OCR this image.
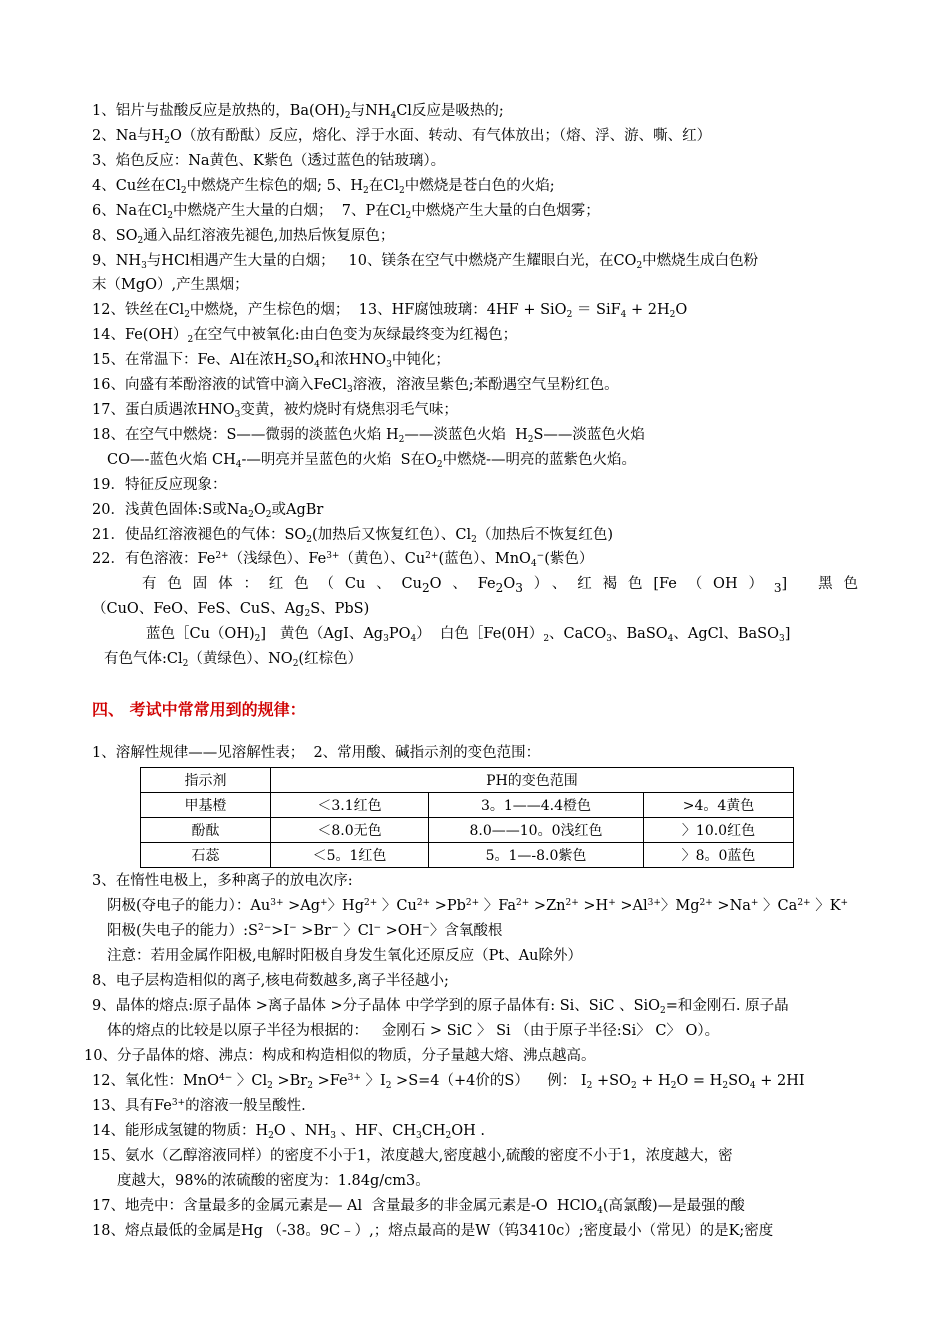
1、铝片与盐酸反应是放热的，$Ba(OH)_2$与$NH_4Cl$反应是吸热的;
2、Na与$H_2O$（放有酚酞）反应，熔化、浮于水面、转动、有气体放出；（熔、浮、游、嘶、红）
3、焰色反应：Na黄色、K紫色（透过蓝色的钴玻璃）。
4、Cu丝在$Cl_2$中燃烧产生棕色的烟; 5、$H_2$在$Cl_2$中燃烧是苍白色的火焰;
6、Na在$Cl_2$中燃烧产生大量的白烟；  7、P在$Cl_2$中燃烧产生大量的白色烟雾；
8、$SO_2$通入品红溶液先褪色,加热后恢复原色；
9、$NH_3$与HCl相遇产生大量的白烟；   10、镁条在空气中燃烧产生耀眼白光，在$CO_2$中燃烧生成白色粉
末（MgO）,产生黑烟；
12、铁丝在$Cl_2$中燃烧，产生棕色的烟；  13、HF腐蚀玻璃：$4HF + SiO_2 = SiF_4 + 2H_2O$
14、$Fe(OH)_2$在空气中被氧化:由白色变为灰绿最终变为红褐色；
15、在常温下：Fe、Al在浓$H_2SO_4$和浓$HNO_3$中钝化；
16、向盛有苯酚溶液的试管中滴入FeCl$_3$溶液，溶液呈紫色;苯酚遇空气呈粉红色。
17、蛋白质遇浓$HNO_3$变黄，被灼烧时有烧焦羽毛气味；
18、在空气中燃烧：S——微弱的淡蓝色火焰 $H_2——$淡蓝色火焰  $H_2S——$淡蓝色火焰
CO—-蓝色火焰 $CH_4-—$明亮并呈蓝色的火焰  S在$O_2$中燃烧-—明亮的蓝紫色火焰。
19．特征反应现象：
20．浅黄色固体:S或$Na_2O_2$或AgBr
21．使品红溶液褪色的气体：$SO_2$(加热后又恢复红色）、$Cl_2$（加热后不恢复红色)
22．有色溶液：$Fe^{2+}$（浅绿色）、$Fe^{3+}$（黄色）、$Cu^{2+}$(蓝色）、MnO$_4$−(紫色）
有色固体：红色（Cu、$Cu_2O$、$Fe_2O_3$）、红褐色$[Fe(OH)_3]$  黑色
（CuO、FeO、FeS、CuS、$Ag_2S$、PbS)
蓝色$[Cu(OH)_2$]   黄色（AgI、$Ag_3PO_4$）  白色$[Fe(0H)_2$、CaCO$_3$、BaSO$_4$、AgCl、BaSO$_3$]
有色气体$:Cl_2$（黄绿色）、$NO_2$(红棕色）
四、 考试中常常用到的规律：
1、溶解性规律——见溶解性表；  2、常用酸、碱指示剂的变色范围：
指示剂	PH的变色范围		
甲基橙	＜3.1红色	3。1——4.4橙色	>4。4黄色
酚酞	＜8.0无色	8.0——10。0浅红色	〉10.0红色
石蕊	＜5。1红色	5。1—-8.0紫色	〉8。0蓝色
3、在惰性电极上，多种离子的放电次序:
阴极(夺电子的能力）：$Au^{3+} >Ag^+$〉$Hg^{2+}$ 〉$Cu^{2+} >Pb^{2+}$ 〉$Fa^{2+} >Zn^{2+} >H^+ >Al^{3+}$〉$Mg^{2+} >Na^+$ 〉$Ca^{2+}$ 〉K+
阳极(失电子的能力）$:S^{2-}>I^- >Br^-$ 〉Cl− >OH−〉含氧酸根
注意：若用金属作阳极,电解时阳极自身发生氧化还原反应（Pt、Au除外）
8、电子层构造相似的离子,核电荷数越多,离子半径越小;
9、晶体的熔点:原子晶体 >离子晶体 >分子晶体 中学学到的原子晶体有: Si、SiC 、SiO$_2$=和金刚石. 原子晶
体的熔点的比较是以原子半径为根据的：   金刚石 > SiC 〉 Si （由于原子半径:Si〉 C〉 O）。
10、分子晶体的熔、沸点：构成和构造相似的物质，分子量越大熔、沸点越高。
12、氧化性：MnO$^{4-}$ 〉$Cl_2 >Br_2 >Fe^{3+}$ 〉$I_2 >S=4(+4$价的S）    例： $I_2 +SO_2 + H_2O = H_2SO_4 + 2HI$
13、具有$Fe^{3+}$的溶液一般呈酸性.
14、能形成氢键的物质：$H_2O$ 、$NH_3$ 、HF、$CH_3CH_2OH$ .
15、氨水（乙醇溶液同样）的密度不小于1，浓度越大,密度越小,硫酸的密度不小于1，浓度越大，密
度越大，98%的浓硫酸的密度为：1.84g/cm3。
17、地壳中：含量最多的金属元素是— Al  含量最多的非金属元素是-O  HClO$_4$(高氯酸)—是最强的酸
18、熔点最低的金属是Hg （-38。9C﹣）,；熔点最高的是W（钨3410c）;密度最小（常见）的是K;密度
